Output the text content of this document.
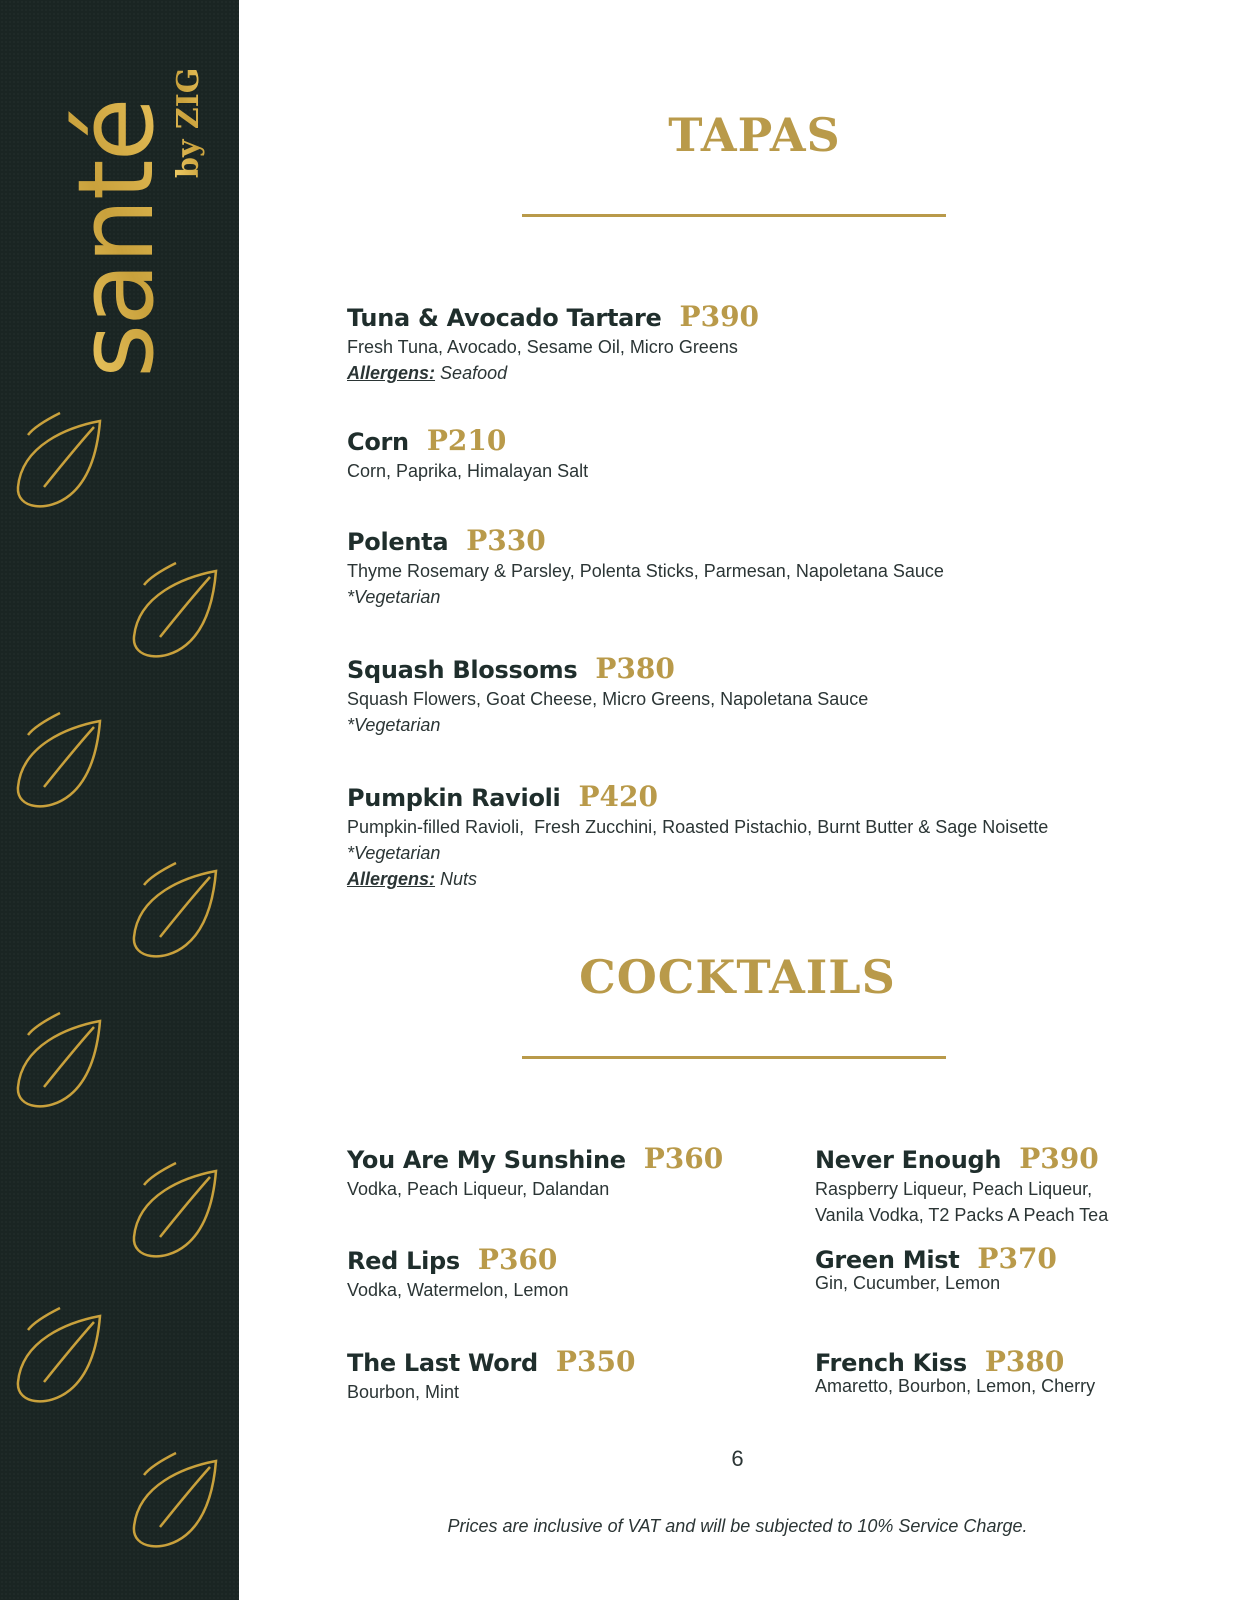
santé
by ZIG	TAPAS
Tuna & Avocado Tartare P390

Fresh Tuna, Avocado, Sesame Oil, Micro Greens

Allergens: Seafood

Corn P210

Corn, Paprika, Himalayan Salt

Polenta P330

Thyme Rosemary & Parsley, Polenta Sticks, Parmesan, Napoletana Sauce

*Vegetarian

Squash Blossoms P380

Squash Flowers, Goat Cheese, Micro Greens, Napoletana Sauce

*Vegetarian

Pumpkin Ravioli P420

Pumpkin-filled Ravioli,  Fresh Zucchini, Roasted Pistachio, Burnt Butter & Sage Noisette

*Vegetarian

Allergens: Nuts

COCKTAILS
You Are My Sunshine P360

Vodka, Peach Liqueur, Dalandan

Red Lips P360

Vodka, Watermelon, Lemon

The Last Word P350

Bourbon, Mint

Never Enough P390

Raspberry Liqueur, Peach Liqueur,

Vanila Vodka, T2 Packs A Peach Tea

Green Mist P370

Gin, Cucumber, Lemon

French Kiss P380

Amaretto, Bourbon, Lemon, Cherry

6
Prices are inclusive of VAT and will be subjected to 10% Service Charge.
